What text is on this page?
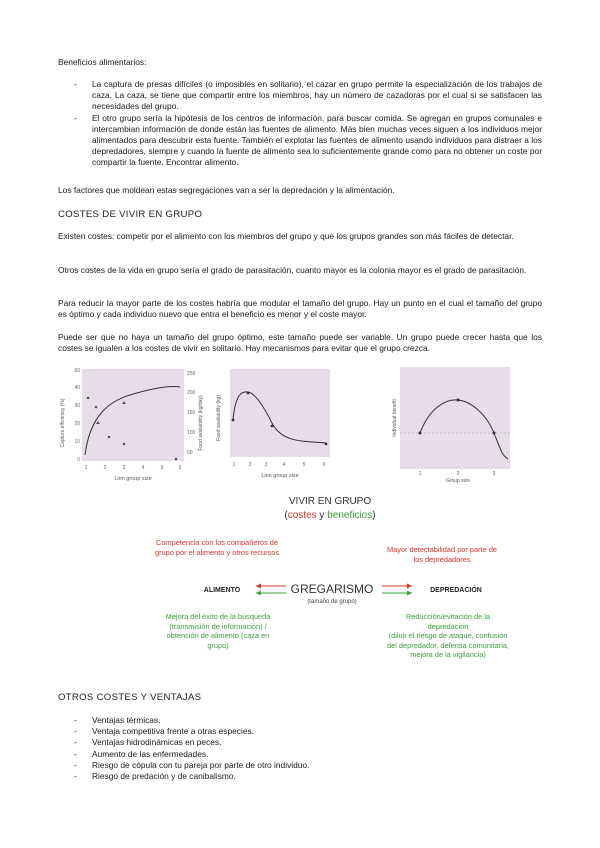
Beneficios alimentarios:
- La captura de presas difíciles (o imposibles en solitario), el cazar en grupo permite la especialización de los trabajos de caza. La caza, se tiene que compartir entre los miembros, hay un número de cazadoras por el cual si se satisfacen las necesidades del grupo.
- El otro grupo sería la hipótesis de los centros de información, para buscar comida. Se agregan en grupos comunales e intercambian información de donde están las fuentes de alimento. Más bien muchas veces siguen a los individuos mejor alimentados para descubrir esta fuente. También el explotar las fuentes de alimento usando individuos para distraer a los depredadores, siempre y cuando la fuente de alimento sea lo suficientemente grande como para no obtener un coste por compartir la fuente. Encontrar alimento.
Los factores que moldean estas segregaciones van a ser la depredación y la alimentación.
COSTES DE VIVIR EN GRUPO
Existen costes: competir por el alimento con los miembros del grupo y que los grupos grandes son más fáciles de detectar.
Otros costes de la vida en grupo sería el grado de parasitación, cuanto mayor es la colonia mayor es el grado de parasitación.
Para reducir la mayor parte de los costes habría que modular el tamaño del grupo. Hay un punto en el cual el tamaño del grupo es óptimo y cada individuo nuevo que entra el beneficio es menor y el coste mayor.
Puede ser que no haya un tamaño del grupo óptimo, este tamaño puede ser variable. Un grupo puede crecer hasta que los costes se igualen a los costes de vivir en solitario. Hay mecanismos para evitar que el grupo crezca.
Capture efficiency (%)	Food availability (kg/day)
0
10
20
30
40
50
50
100
150
200
250
1	2	3	4	5	6
Lion group size
Food availability (kg)
1	2	3	4	5	6
Lion group size
Individual benefit
1	2	3
Group size
VIVIR EN GRUPO
(costes y beneficios)
Competencia con los compañeros de grupo por el alimento y otros recursos	Mayor detectabilidad por parte de los depredadores
ALIMENTO	GREGARISMO
(tamaño de grupo)
DEPREDACIÓN
Mejora del éxito de la búsqueda (transmisión de información) / obtención de alimento (caza en grupo)
Reducción/evitación de la depredación
(diluir el riesgo de ataque, confusión del depredador, defensa comunitaria, mejora de la vigilancia)
OTROS COSTES Y VENTAJAS
- Ventajas térmicas.
- Ventaja competitiva frente a otras especies.
- Ventajas hidrodinámicas en peces.
- Aumento de las enfermedades.
- Riesgo de cópula con tu pareja por parte de otro individuo.
- Riesgo de predación y de canibalismo.
